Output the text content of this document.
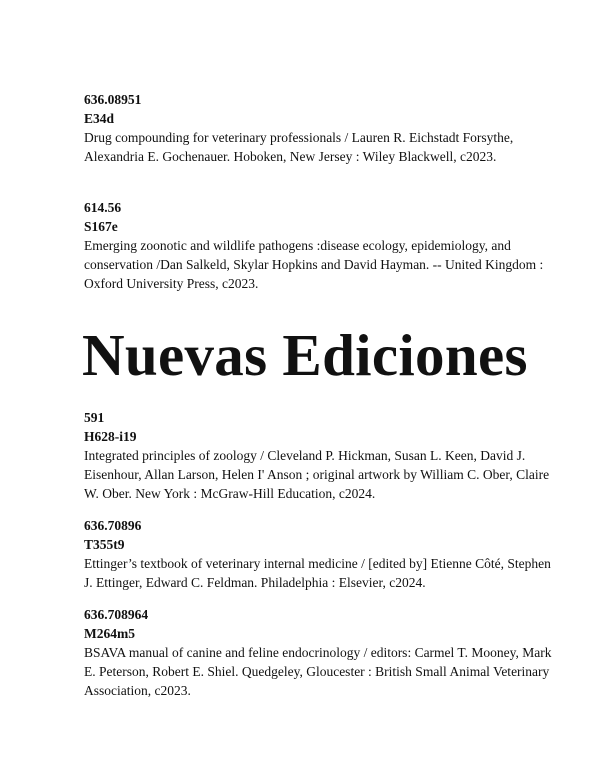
636.08951

E34d

Drug compounding for veterinary professionals / Lauren R. Eichstadt Forsythe, Alexandria E. Gochenauer. Hoboken, New Jersey : Wiley Blackwell, c2023.

614.56

S167e

Emerging zoonotic and wildlife pathogens :disease ecology, epidemiology, and conservation /Dan Salkeld, Skylar Hopkins and David Hayman. -- United Kingdom : Oxford University Press, c2023.

Nuevas Ediciones

591

H628-i19

Integrated principles of zoology / Cleveland P. Hickman, Susan L. Keen, David J. Eisenhour, Allan Larson, Helen I' Anson ; original artwork by William C. Ober, Claire W. Ober. New York : McGraw-Hill Education, c2024.

636.70896

T355t9

Ettinger’s textbook of veterinary internal medicine / [edited by] Etienne Côté, Stephen J. Ettinger, Edward C. Feldman. Philadelphia : Elsevier, c2024.

636.708964

M264m5

BSAVA manual of canine and feline endocrinology / editors: Carmel T. Mooney, Mark E. Peterson, Robert E. Shiel. Quedgeley, Gloucester : British Small Animal Veterinary Association, c2023.
